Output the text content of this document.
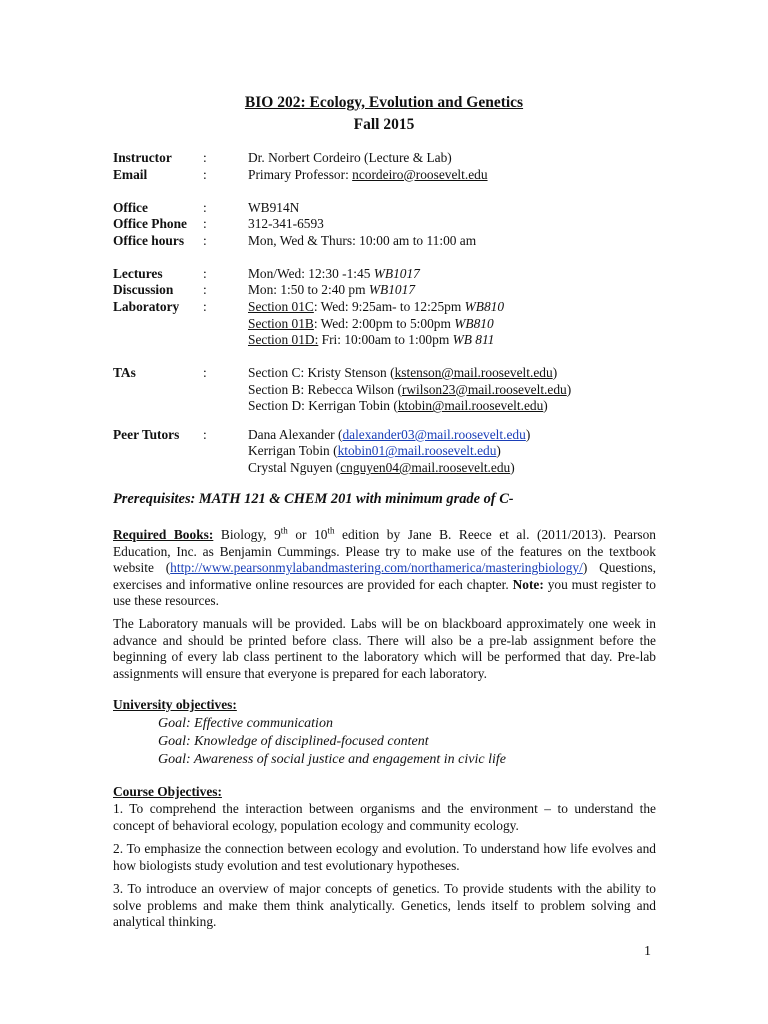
BIO 202: Ecology, Evolution and Genetics
Fall 2015
Instructor :	Dr. Norbert Cordeiro (Lecture & Lab)
Email	:	Primary Professor: ncordeiro@roosevelt.edu
Office	:	WB914N
Office Phone :	312-341-6593
Office hours :	Mon, Wed & Thurs: 10:00 am to 11:00 am
Lectures	:	Mon/Wed: 12:30 -1:45 WB1017
Discussion :	Mon: 1:50 to 2:40 pm WB1017
Laboratory :	Section 01C: Wed: 9:25am- to 12:25pm WB810
Section 01B: Wed: 2:00pm to 5:00pm WB810
Section 01D: Fri: 10:00am to 1:00pm WB 811
TAs	:	Section C: Kristy Stenson (kstenson@mail.roosevelt.edu)
Section B: Rebecca Wilson (rwilson23@mail.roosevelt.edu)
Section D: Kerrigan Tobin (ktobin@mail.roosevelt.edu)
Peer Tutors :	Dana Alexander (dalexander03@mail.roosevelt.edu)
Kerrigan Tobin (ktobin01@mail.roosevelt.edu)
Crystal Nguyen (cnguyen04@mail.roosevelt.edu)
Prerequisites: MATH 121 & CHEM 201 with minimum grade of C-
Required Books: Biology, 9th or 10th edition by Jane B. Reece et al. (2011/2013). Pearson Education, Inc. as Benjamin Cummings. Please try to make use of the features on the textbook website (http://www.pearsonmylabandmastering.com/northamerica/masteringbiology/) Questions, exercises and informative online resources are provided for each chapter. Note: you must register to use these resources.
The Laboratory manuals will be provided. Labs will be on blackboard approximately one week in advance and should be printed before class. There will also be a pre-lab assignment before the beginning of every lab class pertinent to the laboratory which will be performed that day. Pre-lab assignments will ensure that everyone is prepared for each laboratory.
University objectives:
Goal: Effective communication
Goal: Knowledge of disciplined-focused content
Goal: Awareness of social justice and engagement in civic life
Course Objectives:
1. To comprehend the interaction between organisms and the environment – to understand the concept of behavioral ecology, population ecology and community ecology.
2. To emphasize the connection between ecology and evolution. To understand how life evolves and how biologists study evolution and test evolutionary hypotheses.
3. To introduce an overview of major concepts of genetics. To provide students with the ability to solve problems and make them think analytically. Genetics, lends itself to problem solving and analytical thinking.
1
